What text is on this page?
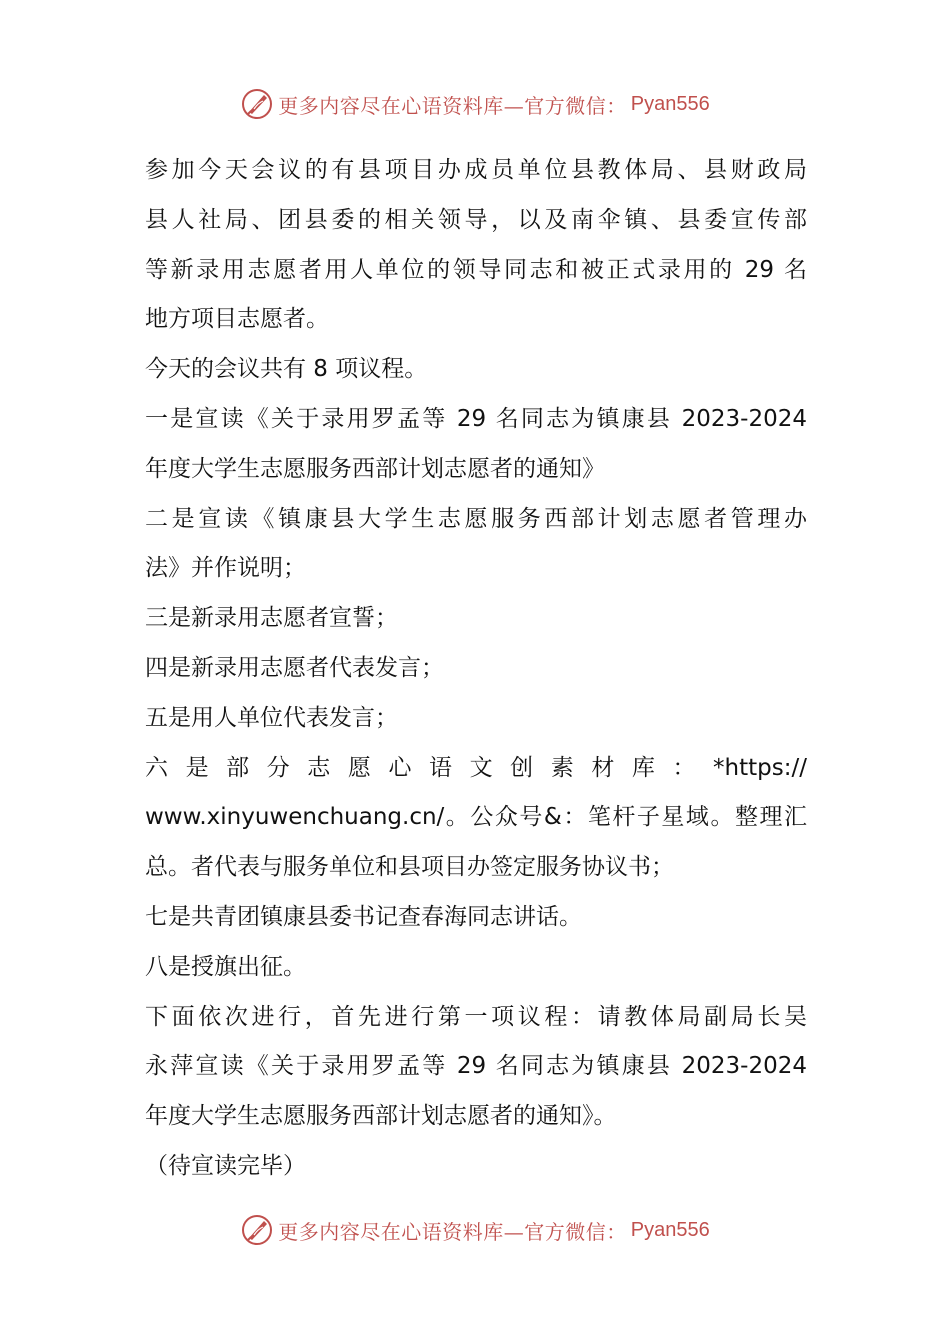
更多内容尽在心语资料库—官方微信： Pyan556
参加今天会议的有县项目办成员单位县教体局、县财政局
县人社局、团县委的相关领导，以及南伞镇、县委宣传部
等新录用志愿者用人单位的领导同志和被正式录用的 29 名
地方项目志愿者。
今天的会议共有 8 项议程。
一是宣读《关于录用罗孟等 29 名同志为镇康县 2023-2024
年度大学生志愿服务西部计划志愿者的通知》
二是宣读《镇康县大学生志愿服务西部计划志愿者管理办
法》并作说明；
三是新录用志愿者宣誓；
四是新录用志愿者代表发言；
五是用人单位代表发言；
六 是 部 分 志 愿 心 语 文 创 素 材 库 ： *https://
www.xinyuwenchuang.cn/。公众号&：笔杆子星域。整理汇
总。者代表与服务单位和县项目办签定服务协议书；
七是共青团镇康县委书记查春海同志讲话。
八是授旗出征。
下面依次进行，首先进行第一项议程：请教体局副局长吴
永萍宣读《关于录用罗孟等 29 名同志为镇康县 2023-2024
年度大学生志愿服务西部计划志愿者的通知》。
（待宣读完毕）
更多内容尽在心语资料库—官方微信： Pyan556
